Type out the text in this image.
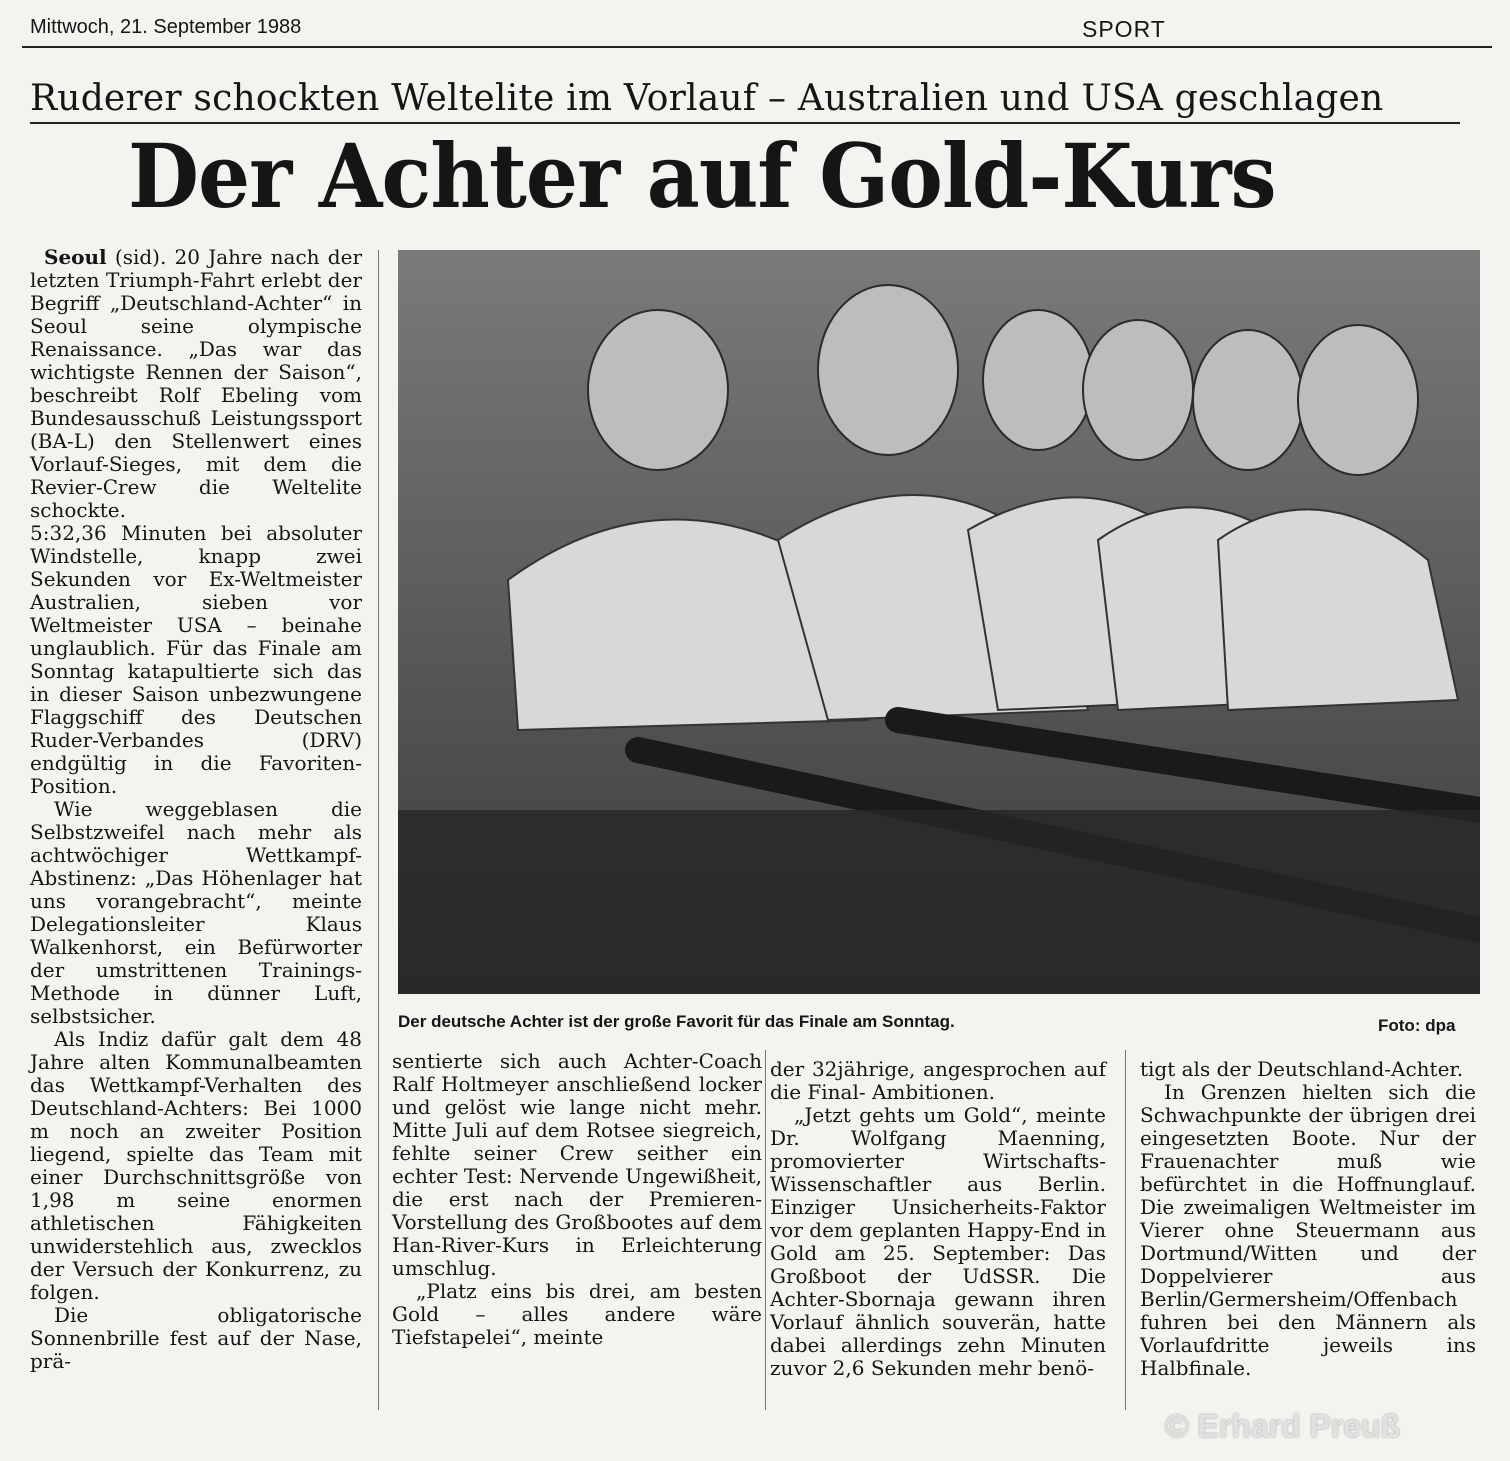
Mittwoch, 21. September 1988	SPORT
Ruderer schockten Weltelite im Vorlauf – Australien und USA geschlagen
Der Achter auf Gold-Kurs

Seoul (sid). 20 Jahre nach der letzten Triumph-Fahrt erlebt der Begriff „Deutschland-Achter“ in Seoul seine olympische Renaissance. „Das war das wichtigste Rennen der Saison“, beschreibt Rolf Ebeling vom Bundesausschuß Leistungssport (BA-L) den Stellenwert eines Vorlauf-Sieges, mit dem die Revier-Crew die Weltelite schockte.

5:32,36 Minuten bei absoluter Windstelle, knapp zwei Sekunden vor Ex-Weltmeister Australien, sieben vor Weltmeister USA – beinahe unglaublich. Für das Finale am Sonntag katapultierte sich das in dieser Saison unbezwungene Flaggschiff des Deutschen Ruder-Verbandes (DRV) endgültig in die Favoriten-Position.

Wie weggeblasen die Selbstzweifel nach mehr als achtwöchiger Wettkampf-Abstinenz: „Das Höhenlager hat uns vorangebracht“, meinte Delegationsleiter Klaus Walkenhorst, ein Befürworter der umstrittenen Trainings-Methode in dünner Luft, selbstsicher.

Als Indiz dafür galt dem 48 Jahre alten Kommunalbeamten das Wettkampf-Verhalten des Deutschland-Achters: Bei 1000 m noch an zweiter Position liegend, spielte das Team mit einer Durchschnittsgröße von 1,98 m seine enormen athletischen Fähigkeiten unwiderstehlich aus, zwecklos der Versuch der Konkurrenz, zu folgen.

Die obligatorische Sonnenbrille fest auf der Nase, prä-

Der deutsche Achter ist der große Favorit für das Finale am Sonntag.	Foto: dpa

sentierte sich auch Achter-Coach Ralf Holtmeyer anschließend locker und gelöst wie lange nicht mehr. Mitte Juli auf dem Rotsee siegreich, fehlte seiner Crew seither ein echter Test: Nervende Ungewißheit, die erst nach der Premieren-Vorstellung des Großbootes auf dem Han-River-Kurs in Erleichterung umschlug.

„Platz eins bis drei, am besten Gold – alles andere wäre Tiefstapelei“, meinte

der 32jährige, angesprochen auf die Final- Ambitionen.

„Jetzt gehts um Gold“, meinte Dr. Wolfgang Maenning, promovierter Wirtschafts-Wissenschaftler aus Berlin. Einziger Unsicherheits-Faktor vor dem geplanten Happy-End in Gold am 25. September: Das Großboot der UdSSR. Die Achter-Sbornaja gewann ihren Vorlauf ähnlich souverän, hatte dabei allerdings zehn Minuten zuvor 2,6 Sekunden mehr benö-

tigt als der Deutschland-Achter.

In Grenzen hielten sich die Schwachpunkte der übrigen drei eingesetzten Boote. Nur der Frauenachter muß wie befürchtet in die Hoffnunglauf. Die zweimaligen Weltmeister im Vierer ohne Steuermann aus Dortmund/Witten und der Doppelvierer aus Berlin/Germersheim/Offenbach fuhren bei den Männern als Vorlaufdritte jeweils ins Halbfinale.

© Erhard Preuß
